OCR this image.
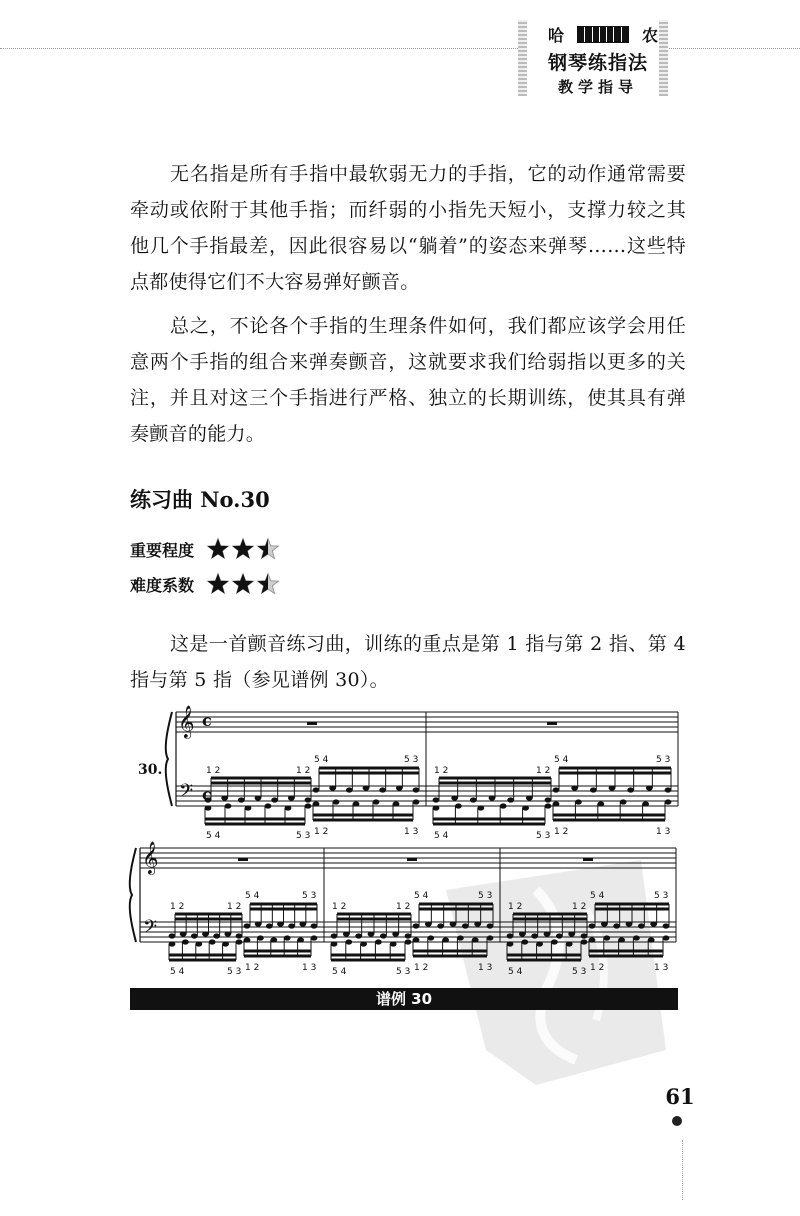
哈	农
钢琴练指法
教学指导

无名指是所有手指中最软弱无力的手指，它的动作通常需要牵动或依附于其他手指；而纤弱的小指先天短小，支撑力较之其他几个手指最差，因此很容易以“躺着”的姿态来弹琴……这些特点都使得它们不大容易弹好颤音。

总之，不论各个手指的生理条件如何，我们都应该学会用任意两个手指的组合来弹奏颤音，这就要求我们给弱指以更多的关注，并且对这三个手指进行严格、独立的长期训练，使其具有弹奏颤音的能力。

练习曲 No.30
重要程度
难度系数

这是一首颤音练习曲，训练的重点是第 1 指与第 2 指、第 4 指与第 5 指（参见谱例 30）。

𝄞
𝄢
1 2	1 2
5 4	5 3
5 4	5 3 1 2	1 3
1 2	1 2
5 4	5 3
5 4	5 3 1 2	1 3
30.
c
c
𝄞
𝄢
1 2	1 2
5 4	5 3
5 4	5 3 1 2	1 3
1 2	1 2
5 4	5 3
5 4	5 3 1 2	1 3
1 2	1 2
5 4	5 3
5 4	5 3 1 2	1 3
谱例 30
61
